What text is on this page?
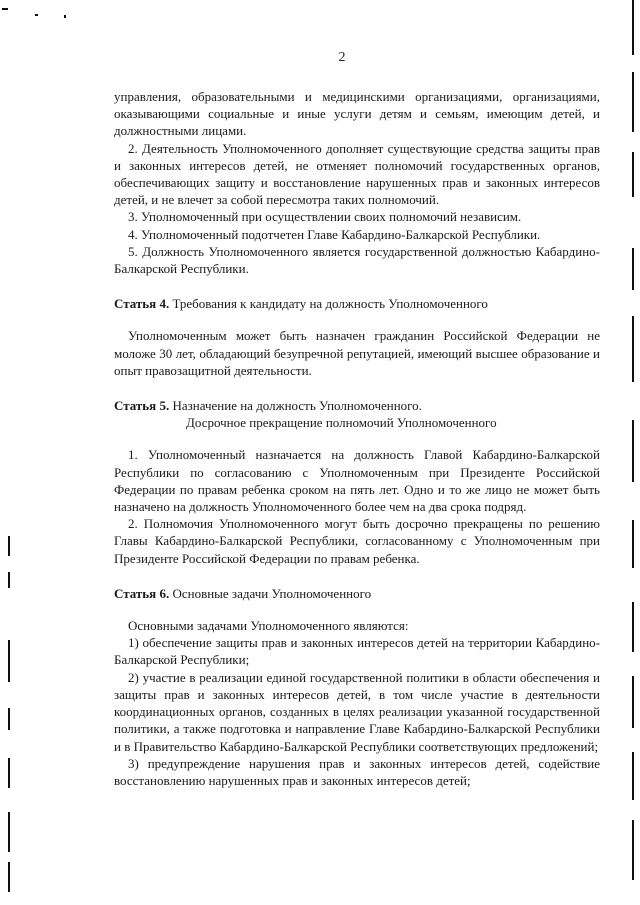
2

управления, образовательными и медицинскими организациями, организациями, оказывающими социальные и иные услуги детям и семьям, имеющим детей, и должностными лицами.

2. Деятельность Уполномоченного дополняет существующие средства защиты прав и законных интересов детей, не отменяет полномочий государственных органов, обеспечивающих защиту и восстановление нарушенных прав и законных интересов детей, и не влечет за собой пересмотра таких полномочий.

3. Уполномоченный при осуществлении своих полномочий независим.

4. Уполномоченный подотчетен Главе Кабардино-Балкарской Республики.

5. Должность Уполномоченного является государственной должностью Кабардино-Балкарской Республики.

Статья 4. Требования к кандидату на должность Уполномоченного

Уполномоченным может быть назначен гражданин Российской Федерации не моложе 30 лет, обладающий безупречной репутацией, имеющий высшее образование и опыт правозащитной деятельности.

Статья 5. Назначение на должность Уполномоченного.
Досрочное прекращение полномочий Уполномоченного

1. Уполномоченный назначается на должность Главой Кабардино-Балкарской Республики по согласованию с Уполномоченным при Президенте Российской Федерации по правам ребенка сроком на пять лет. Одно и то же лицо не может быть назначено на должность Уполномоченного более чем на два срока подряд.

2. Полномочия Уполномоченного могут быть досрочно прекращены по решению Главы Кабардино-Балкарской Республики, согласованному с Уполномоченным при Президенте Российской Федерации по правам ребенка.

Статья 6. Основные задачи Уполномоченного

Основными задачами Уполномоченного являются:

1) обеспечение защиты прав и законных интересов детей на территории Кабардино-Балкарской Республики;

2) участие в реализации единой государственной политики в области обеспечения и защиты прав и законных интересов детей, в том числе участие в деятельности координационных органов, созданных в целях реализации указанной государственной политики, а также подготовка и направление Главе Кабардино-Балкарской Республики и в Правительство Кабардино-Балкарской Республики соответствующих предложений;

3) предупреждение нарушения прав и законных интересов детей, содействие восстановлению нарушенных прав и законных интересов детей;
